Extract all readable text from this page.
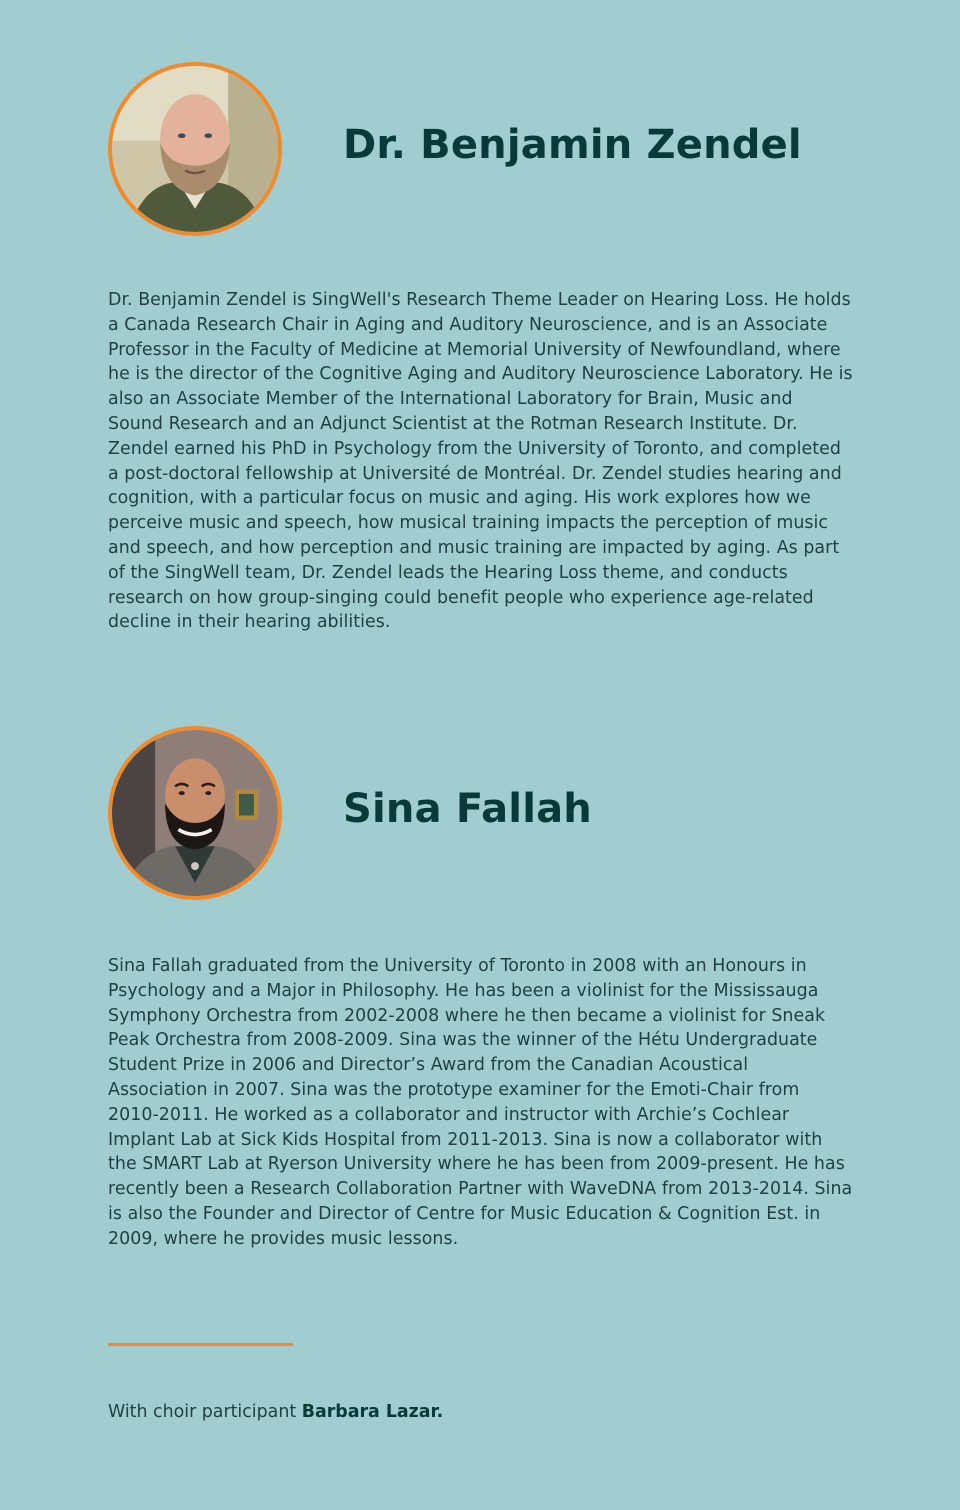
Dr. Benjamin Zendel

Dr. Benjamin Zendel is SingWell's Research Theme Leader on Hearing Loss. He holds a Canada Research Chair in Aging and Auditory Neuroscience, and is an Associate Professor in the Faculty of Medicine at Memorial University of Newfoundland, where he is the director of the Cognitive Aging and Auditory Neuroscience Laboratory. He is also an Associate Member of the International Laboratory for Brain, Music and Sound Research and an Adjunct Scientist at the Rotman Research Institute. Dr. Zendel earned his PhD in Psychology from the University of Toronto, and completed a post-doctoral fellowship at Université de Montréal. Dr. Zendel studies hearing and cognition, with a particular focus on music and aging. His work explores how we perceive music and speech, how musical training impacts the perception of music and speech, and how perception and music training are impacted by aging. As part of the SingWell team, Dr. Zendel leads the Hearing Loss theme, and conducts research on how group-singing could benefit people who experience age-related decline in their hearing abilities.

Sina Fallah

Sina Fallah graduated from the University of Toronto in 2008 with an Honours in Psychology and a Major in Philosophy. He has been a violinist for the Mississauga Symphony Orchestra from 2002-2008 where he then became a violinist for Sneak Peak Orchestra from 2008-2009. Sina was the winner of the Hétu Undergraduate Student Prize in 2006 and Director’s Award from the Canadian Acoustical Association in 2007. Sina was the prototype examiner for the Emoti-Chair from 2010-2011. He worked as a collaborator and instructor with Archie’s Cochlear Implant Lab at Sick Kids Hospital from 2011-2013. Sina is now a collaborator with the SMART Lab at Ryerson University where he has been from 2009-present. He has recently been a Research Collaboration Partner with WaveDNA from 2013-2014. Sina is also the Founder and Director of Centre for Music Education & Cognition Est. in 2009, where he provides music lessons.

With choir participant Barbara Lazar.
